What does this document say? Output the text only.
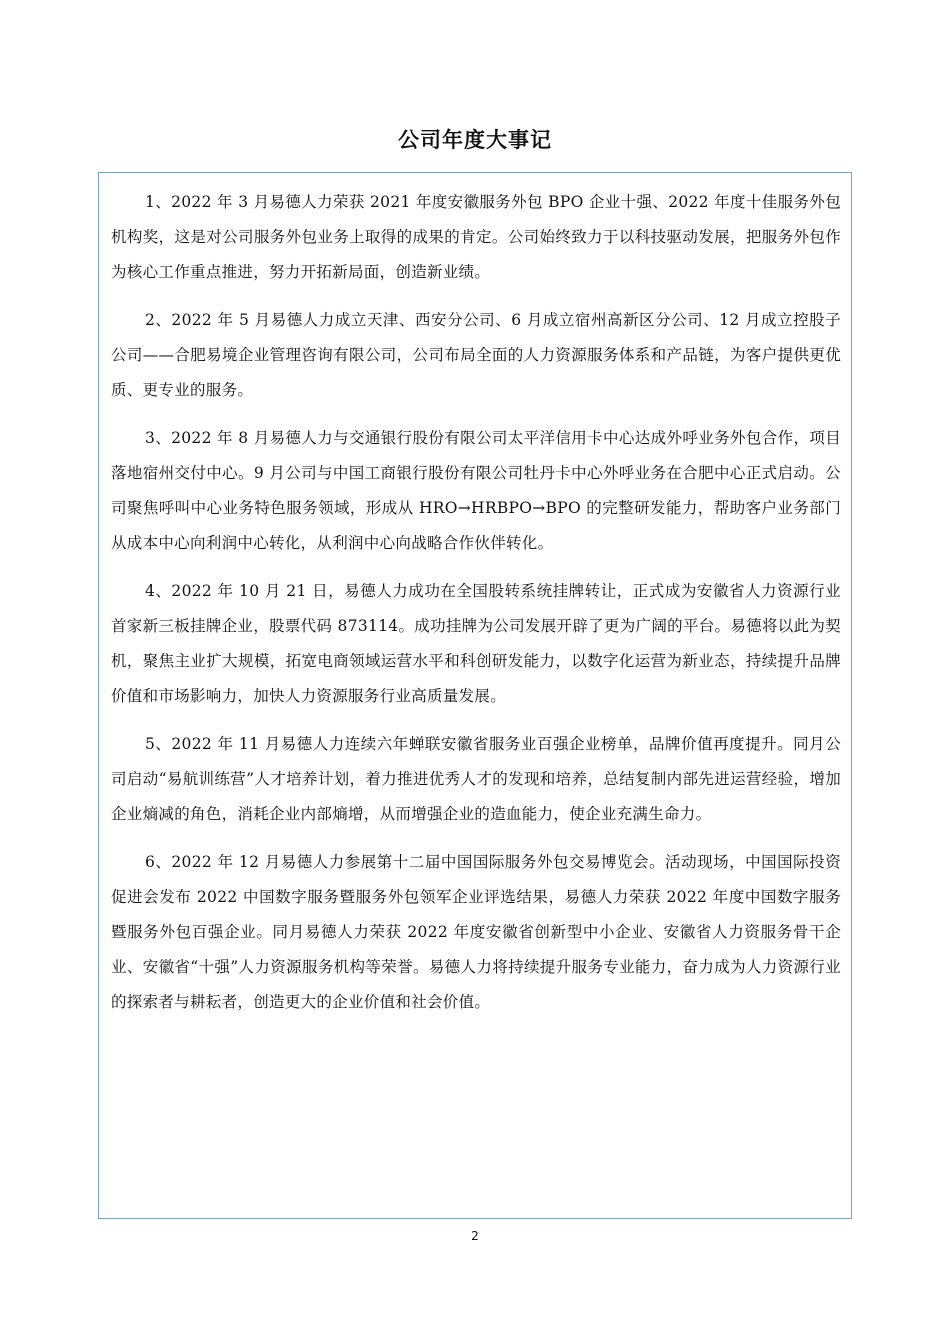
公司年度大事记

1、2022 年 3 月易德人力荣获 2021 年度安徽服务外包 BPO 企业十强、2022 年度十佳服务外包机构奖，这是对公司服务外包业务上取得的成果的肯定。公司始终致力于以科技驱动发展，把服务外包作为核心工作重点推进，努力开拓新局面，创造新业绩。

2、2022 年 5 月易德人力成立天津、西安分公司、6 月成立宿州高新区分公司、12 月成立控股子公司——合肥易境企业管理咨询有限公司，公司布局全面的人力资源服务体系和产品链，为客户提供更优质、更专业的服务。

3、2022 年 8 月易德人力与交通银行股份有限公司太平洋信用卡中心达成外呼业务外包合作，项目落地宿州交付中心。9 月公司与中国工商银行股份有限公司牡丹卡中心外呼业务在合肥中心正式启动。公司聚焦呼叫中心业务特色服务领域，形成从 HRO→HRBPO→BPO 的完整研发能力，帮助客户业务部门从成本中心向利润中心转化，从利润中心向战略合作伙伴转化。

4、2022 年 10 月 21 日，易德人力成功在全国股转系统挂牌转让，正式成为安徽省人力资源行业首家新三板挂牌企业，股票代码 873114。成功挂牌为公司发展开辟了更为广阔的平台。易德将以此为契机，聚焦主业扩大规模，拓宽电商领域运营水平和科创研发能力，以数字化运营为新业态，持续提升品牌价值和市场影响力，加快人力资源服务行业高质量发展。

5、2022 年 11 月易德人力连续六年蝉联安徽省服务业百强企业榜单，品牌价值再度提升。同月公司启动“易航训练营”人才培养计划，着力推进优秀人才的发现和培养，总结复制内部先进运营经验，增加企业熵减的角色，消耗企业内部熵增，从而增强企业的造血能力，使企业充满生命力。

6、2022 年 12 月易德人力参展第十二届中国国际服务外包交易博览会。活动现场，中国国际投资促进会发布 2022 中国数字服务暨服务外包领军企业评选结果，易德人力荣获 2022 年度中国数字服务暨服务外包百强企业。同月易德人力荣获 2022 年度安徽省创新型中小企业、安徽省人力资服务骨干企业、安徽省“十强”人力资源服务机构等荣誉。易德人力将持续提升服务专业能力，奋力成为人力资源行业的探索者与耕耘者，创造更大的企业价值和社会价值。

2
